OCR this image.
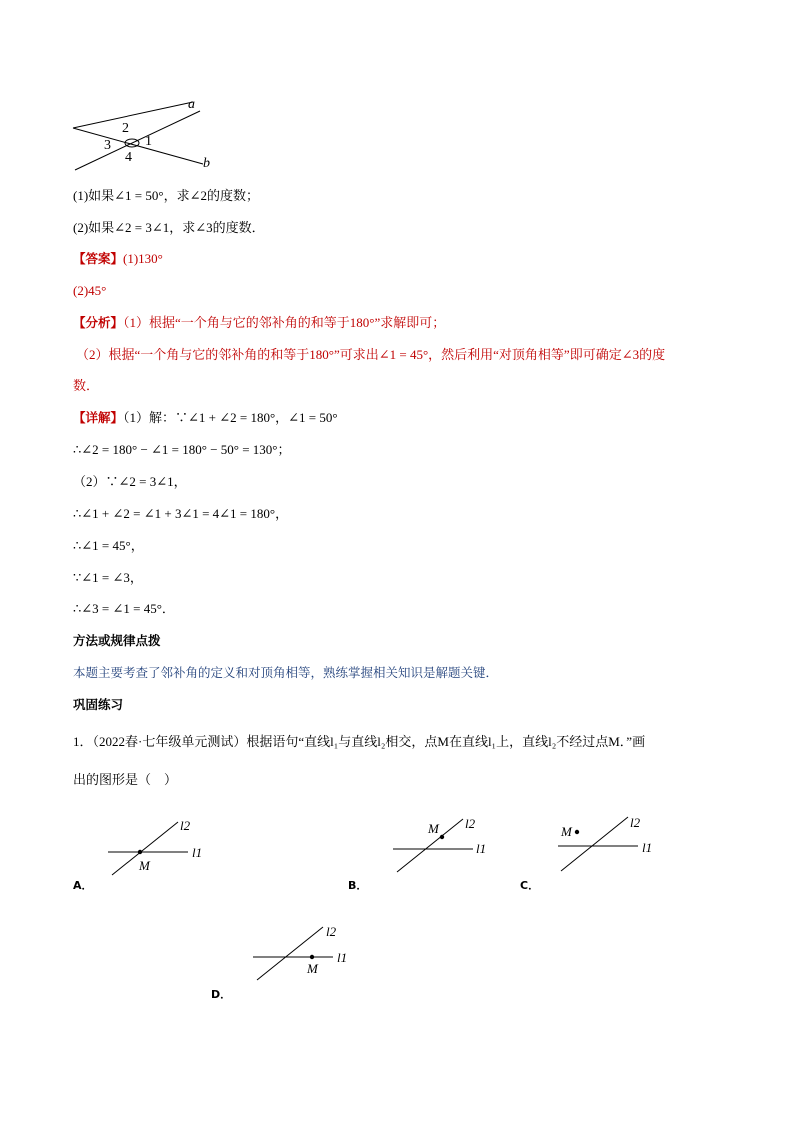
a
b
2
1
3
4
(1)如果∠1 = 50°，求∠2的度数；
(2)如果∠2 = 3∠1，求∠3的度数．
【答案】(1)130°
(2)45°
【分析】（1）根据“一个角与它的邻补角的和等于180°”求解即可；
（2）根据“一个角与它的邻补角的和等于180°”可求出∠1 = 45°，然后利用“对顶角相等”即可确定∠3的度
数．
【详解】（1）解：∵∠1 + ∠2 = 180°，∠1 = 50°
∴∠2 = 180° − ∠1 = 180° − 50° = 130°；
（2）∵∠2 = 3∠1，
∴∠1 + ∠2 = ∠1 + 3∠1 = 4∠1 = 180°，
∴∠1 = 45°，
∵∠1 = ∠3，
∴∠3 = ∠1 = 45°．
方法或规律点拨
本题主要考查了邻补角的定义和对顶角相等，熟练掌握相关知识是解题关键．
巩固练习
1．（2022春·七年级单元测试）根据语句“直线l₁与直线l₂相交，点M在直线l₁上，直线l₂不经过点M．”画
出的图形是（　）
l2
l1
M
A．
M l2
l1
B．
M
l2
l1
C．
l2
l1
M
D．
